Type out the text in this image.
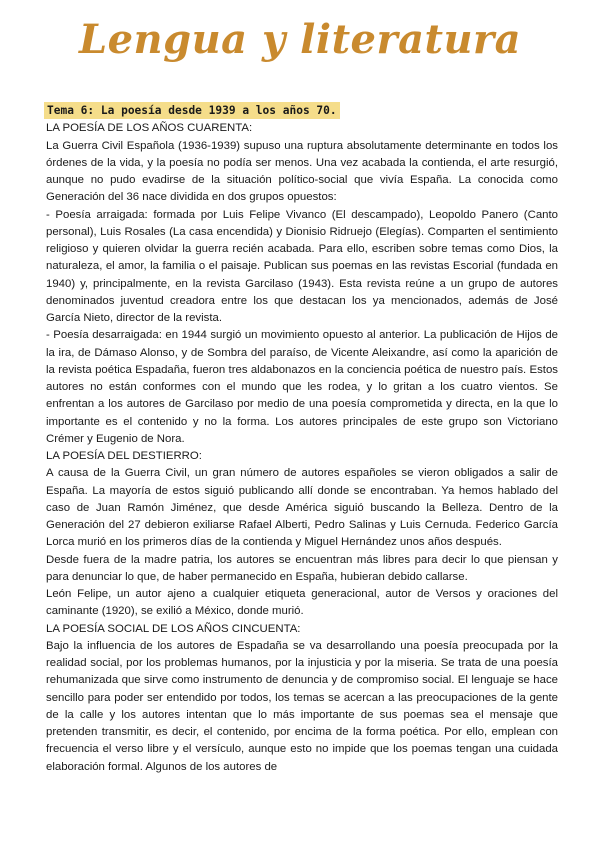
Lengua y literatura

Tema 6: La poesía desde 1939 a los años 70.

LA POESÍA DE LOS AÑOS CUARENTA:

La Guerra Civil Española (1936-1939) supuso una ruptura absolutamente determinante en todos los órdenes de la vida, y la poesía no podía ser menos. Una vez acabada la contienda, el arte resurgió, aunque no pudo evadirse de la situación político-social que vivía España. La conocida como Generación del 36 nace dividida en dos grupos opuestos:

- Poesía arraigada: formada por Luis Felipe Vivanco (El descampado), Leopoldo Panero (Canto personal), Luis Rosales (La casa encendida) y Dionisio Ridruejo (Elegías). Comparten el sentimiento religioso y quieren olvidar la guerra recién acabada. Para ello, escriben sobre temas como Dios, la naturaleza, el amor, la familia o el paisaje. Publican sus poemas en las revistas Escorial (fundada en 1940) y, principalmente, en la revista Garcilaso (1943). Esta revista reúne a un grupo de autores denominados juventud creadora entre los que destacan los ya mencionados, además de José García Nieto, director de la revista.

- Poesía desarraigada: en 1944 surgió un movimiento opuesto al anterior. La publicación de Hijos de la ira, de Dámaso Alonso, y de Sombra del paraíso, de Vicente Aleixandre, así como la aparición de la revista poética Espadaña, fueron tres aldabonazos en la conciencia poética de nuestro país. Estos autores no están conformes con el mundo que les rodea, y lo gritan a los cuatro vientos. Se enfrentan a los autores de Garcilaso por medio de una poesía comprometida y directa, en la que lo importante es el contenido y no la forma. Los autores principales de este grupo son Victoriano Crémer y Eugenio de Nora.

LA POESÍA DEL DESTIERRO:

A causa de la Guerra Civil, un gran número de autores españoles se vieron obligados a salir de España. La mayoría de estos siguió publicando allí donde se encontraban. Ya hemos hablado del caso de Juan Ramón Jiménez, que desde América siguió buscando la Belleza. Dentro de la Generación del 27 debieron exiliarse Rafael Alberti, Pedro Salinas y Luis Cernuda. Federico García Lorca murió en los primeros días de la contienda y Miguel Hernández unos años después.

Desde fuera de la madre patria, los autores se encuentran más libres para decir lo que piensan y para denunciar lo que, de haber permanecido en España, hubieran debido callarse.

León Felipe, un autor ajeno a cualquier etiqueta generacional, autor de Versos y oraciones del caminante (1920), se exilió a México, donde murió.

LA POESÍA SOCIAL DE LOS AÑOS CINCUENTA:

Bajo la influencia de los autores de Espadaña se va desarrollando una poesía preocupada por la realidad social, por los problemas humanos, por la injusticia y por la miseria. Se trata de una poesía rehumanizada que sirve como instrumento de denuncia y de compromiso social. El lenguaje se hace sencillo para poder ser entendido por todos, los temas se acercan a las preocupaciones de la gente de la calle y los autores intentan que lo más importante de sus poemas sea el mensaje que pretenden transmitir, es decir, el contenido, por encima de la forma poética. Por ello, emplean con frecuencia el verso libre y el versículo, aunque esto no impide que los poemas tengan una cuidada elaboración formal. Algunos de los autores de
